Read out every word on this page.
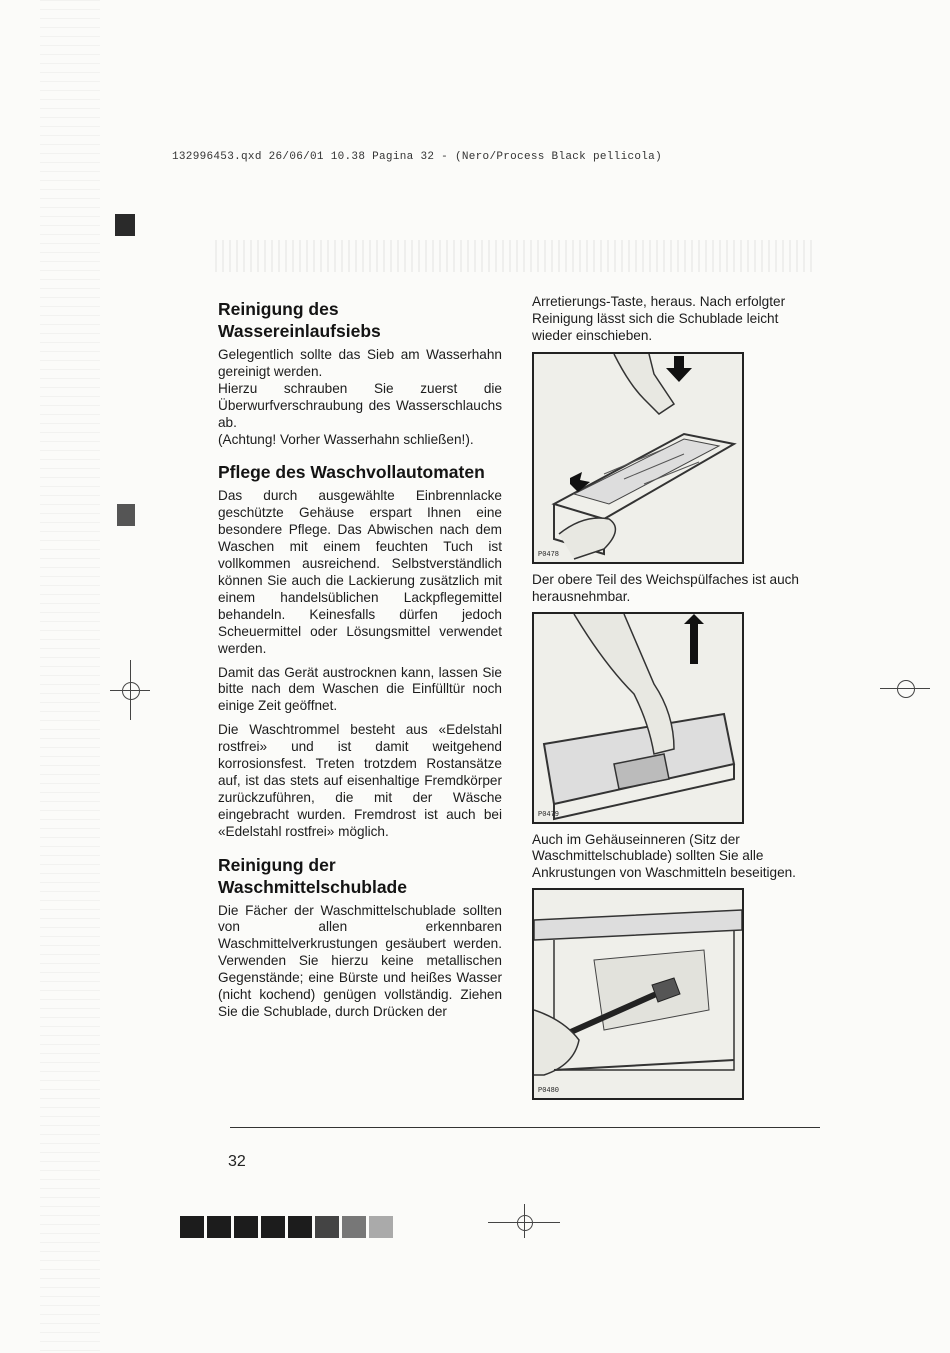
132996453.qxd 26/06/01 10.38 Pagina 32 - (Nero/Process Black pellicola)
Reinigung des Wassereinlaufsiebs

Gelegentlich sollte das Sieb am Wasserhahn gereinigt werden.

Hierzu schrauben Sie zuerst die Überwurfverschraubung des Wasserschlauchs ab.

(Achtung! Vorher Wasserhahn schließen!).

Pflege des Waschvollautomaten

Das durch ausgewählte Einbrennlacke geschützte Gehäuse erspart Ihnen eine besondere Pflege. Das Abwischen nach dem Waschen mit einem feuchten Tuch ist vollkommen ausreichend. Selbstverständlich können Sie auch die Lackierung zusätzlich mit einem handelsüblichen Lackpflegemittel behandeln. Keinesfalls dürfen jedoch Scheuermittel oder Lösungsmittel verwendet werden.

Damit das Gerät austrocknen kann, lassen Sie bitte nach dem Waschen die Einfülltür noch einige Zeit geöffnet.

Die Waschtrommel besteht aus «Edelstahl rostfrei» und ist damit weitgehend korrosionsfest. Treten trotzdem Rostansätze auf, ist das stets auf eisenhaltige Fremdkörper zurückzuführen, die mit der Wäsche eingebracht wurden. Fremdrost ist auch bei «Edelstahl rostfrei» möglich.

Reinigung der Waschmittelschublade

Die Fächer der Waschmittelschublade sollten von allen erkennbaren Waschmittelverkrustungen gesäubert werden. Verwenden Sie hierzu keine metallischen Gegenstände; eine Bürste und heißes Wasser (nicht kochend) genügen vollständig. Ziehen Sie die Schublade, durch Drücken der

Arretierungs-Taste, heraus. Nach erfolgter Reinigung lässt sich die Schublade leicht wieder einschieben.

P0478

Der obere Teil des Weichspülfaches ist auch herausnehmbar.

P0479

Auch im Gehäuseinneren (Sitz der Waschmittelschublade) sollten Sie alle Ankrustungen von Waschmitteln beseitigen.

P0480
32
